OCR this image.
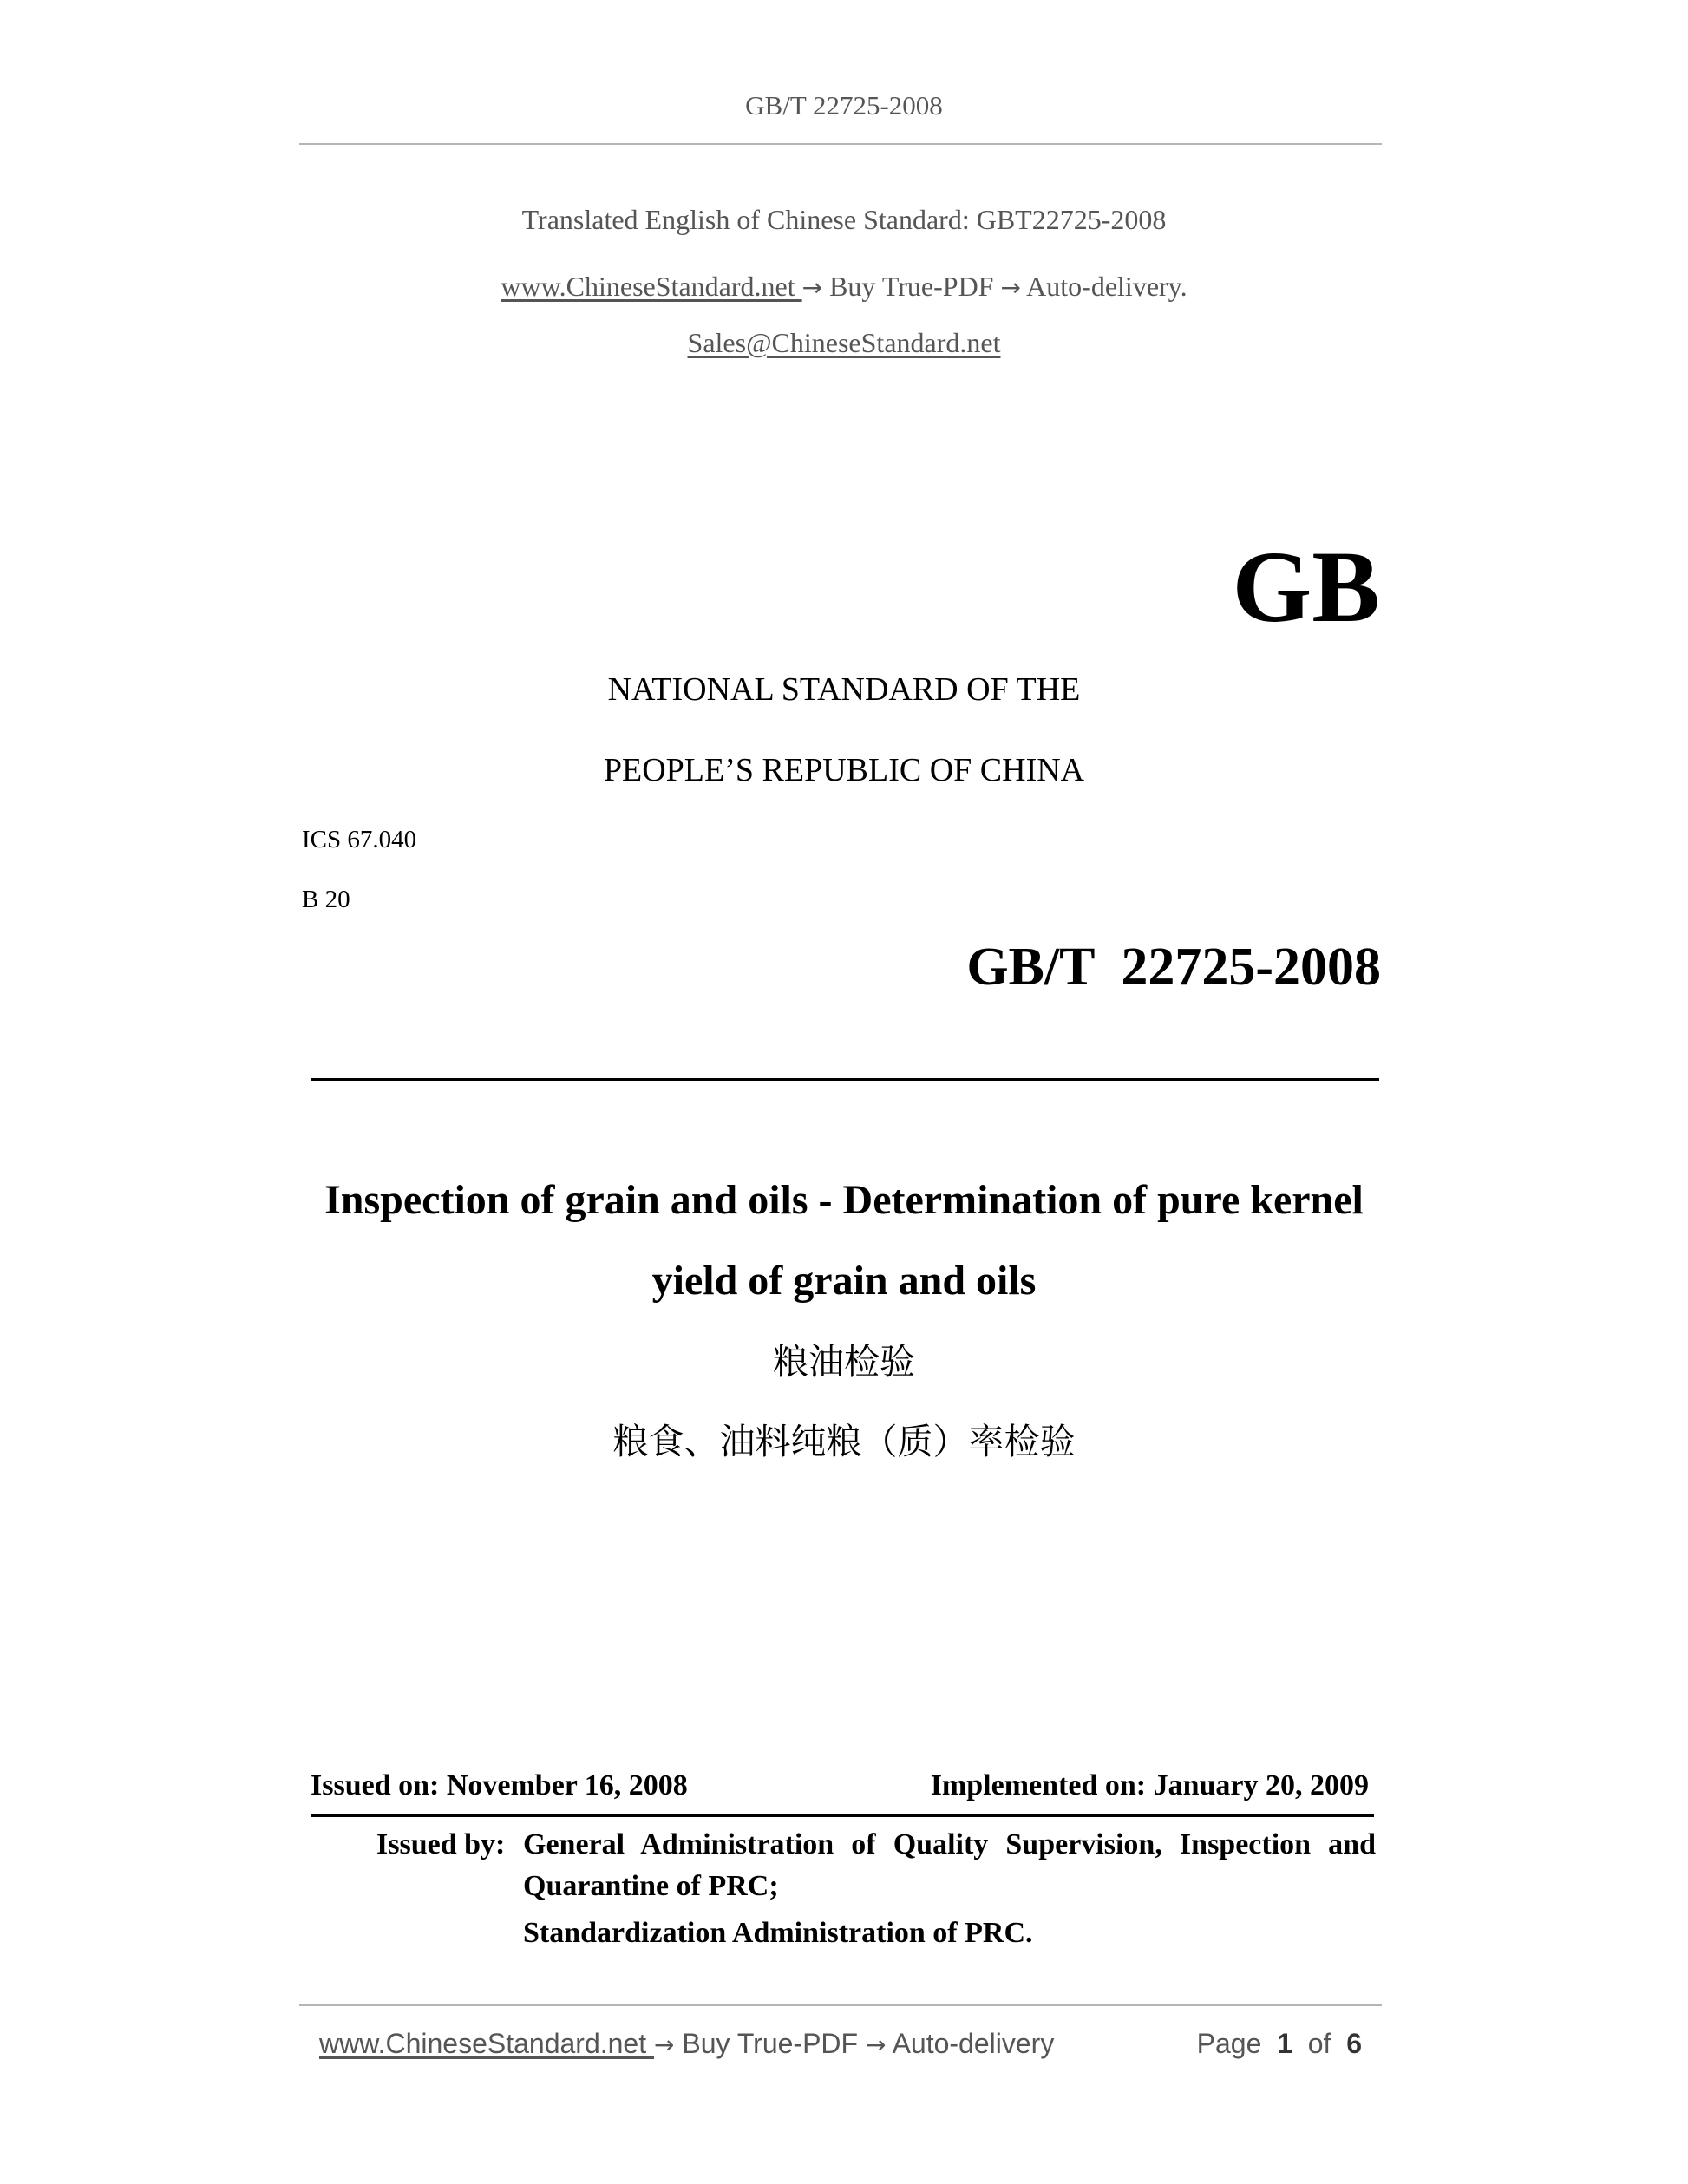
GB/T 22725-2008
Translated English of Chinese Standard: GBT22725-2008
www.ChineseStandard.net → Buy True-PDF → Auto-delivery.
Sales@ChineseStandard.net
GB
NATIONAL STANDARD OF THE
PEOPLE’S REPUBLIC OF CHINA
ICS 67.040
B 20
GB/T  22725-2008
Inspection of grain and oils - Determination of pure kernel
yield of grain and oils
粮油检验
粮食、油料纯粮（质）率检验
Issued on: November 16, 2008	Implemented on: January 20, 2009
Issued by: General Administration of Quality Supervision, Inspection and
Quarantine of PRC;
Standardization Administration of PRC.
www.ChineseStandard.net → Buy True-PDF → Auto-delivery	Page 1 of 6
